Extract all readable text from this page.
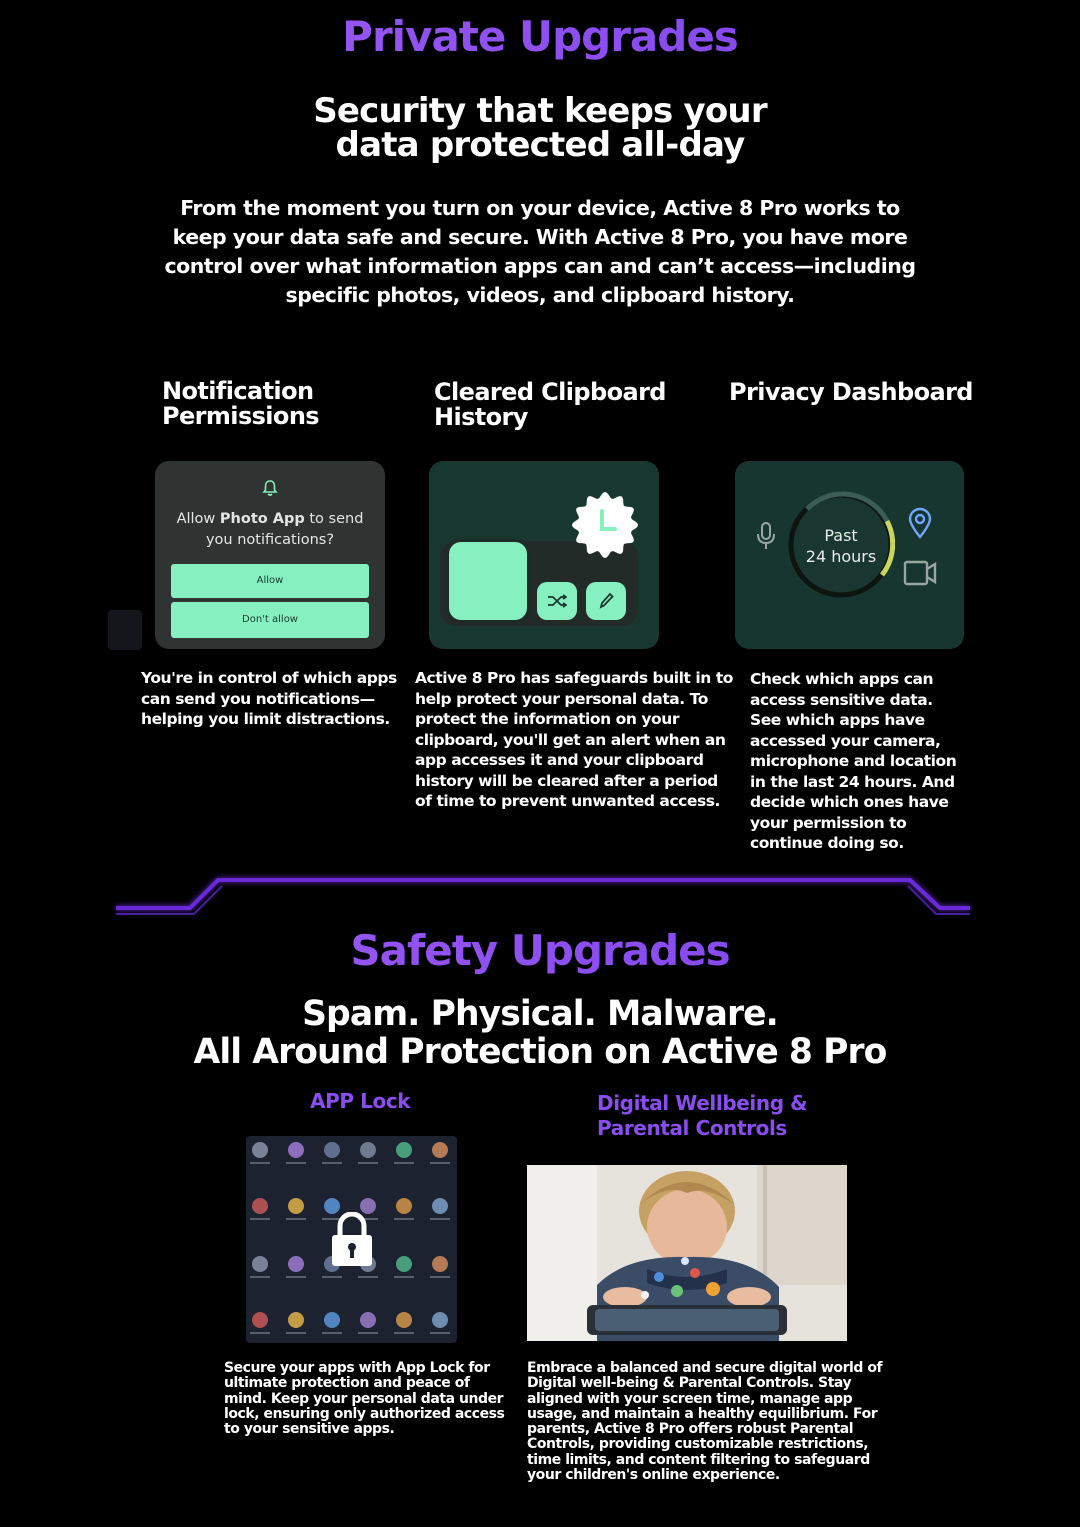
Private Upgrades
Security that keeps your
data protected all-day
From the moment you turn on your device, Active 8 Pro works to
keep your data safe and secure. With Active 8 Pro, you have more
control over what information apps can and can’t access—including
specific photos, videos, and clipboard history.
Notification
Permissions
Cleared Clipboard
History
Privacy Dashboard
Allow Photo App to send
you notifications?
Allow
Don't allow
Past
24 hours
You're in control of which apps
can send you notifications—
helping you limit distractions.
Active 8 Pro has safeguards built in to
help protect your personal data. To
protect the information on your
clipboard, you'll get an alert when an
app accesses it and your clipboard
history will be cleared after a period
of time to prevent unwanted access.
Check which apps can
access sensitive data.
See which apps have
accessed your camera,
microphone and location
in the last 24 hours. And
decide which ones have
your permission to
continue doing so.
Safety Upgrades
Spam. Physical. Malware.
All Around Protection on Active 8 Pro
APP Lock	Digital Wellbeing &
Parental Controls
Secure your apps with App Lock for
ultimate protection and peace of
mind. Keep your personal data under
lock, ensuring only authorized access
to your sensitive apps.
Embrace a balanced and secure digital world of
Digital well-being & Parental Controls. Stay
aligned with your screen time, manage app
usage, and maintain a healthy equilibrium. For
parents, Active 8 Pro offers robust Parental
Controls, providing customizable restrictions,
time limits, and content filtering to safeguard
your children's online experience.
